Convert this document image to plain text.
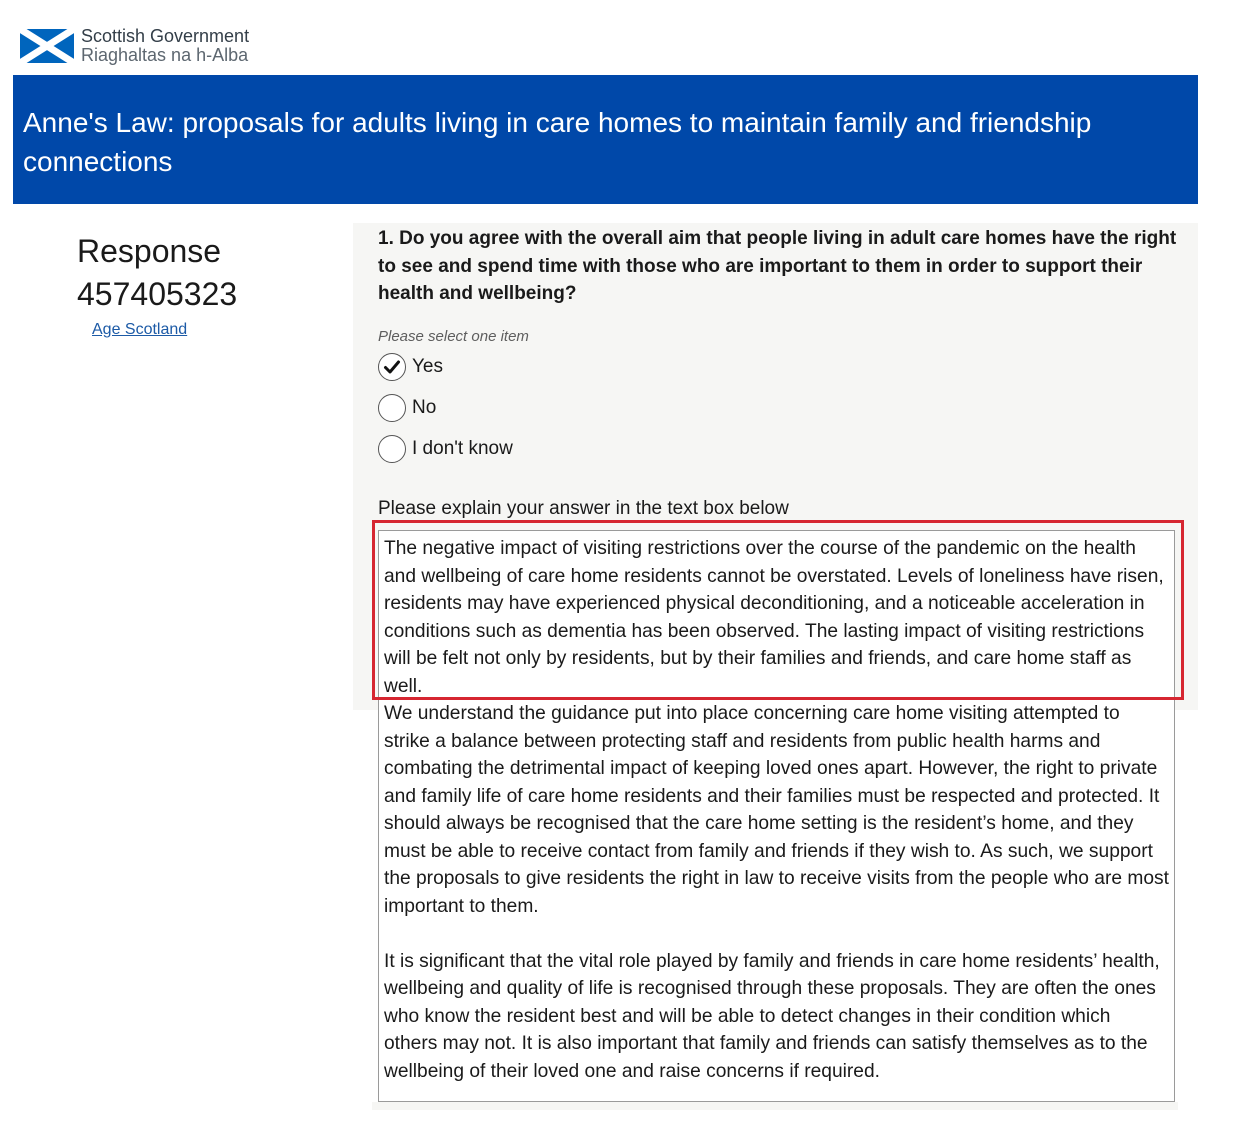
Scottish Government
Riaghaltas na h-Alba
Anne's Law: proposals for adults living in care homes to maintain family and friendship connections
Response
457405323
Age Scotland

1. Do you agree with the overall aim that people living in adult care homes have the right to see and spend time with those who are important to them in order to support their health and wellbeing?

Please select one item
Yes
No
I don't know
Please explain your answer in the text box below

The negative impact of visiting restrictions over the course of the pandemic on the health and wellbeing of care home residents cannot be overstated. Levels of loneliness have risen, residents may have experienced physical deconditioning, and a noticeable acceleration in conditions such as dementia has been observed. The lasting impact of visiting restrictions will be felt not only by residents, but by their families and friends, and care home staff as well.

We understand the guidance put into place concerning care home visiting attempted to strike a balance between protecting staff and residents from public health harms and combating the detrimental impact of keeping loved ones apart. However, the right to private and family life of care home residents and their families must be respected and protected. It should always be recognised that the care home setting is the resident’s home, and they must be able to receive contact from family and friends if they wish to. As such, we support the proposals to give residents the right in law to receive visits from the people who are most important to them.

It is significant that the vital role played by family and friends in care home residents’ health, wellbeing and quality of life is recognised through these proposals. They are often the ones who know the resident best and will be able to detect changes in their condition which others may not. It is also important that family and friends can satisfy themselves as to the wellbeing of their loved one and raise concerns if required.
